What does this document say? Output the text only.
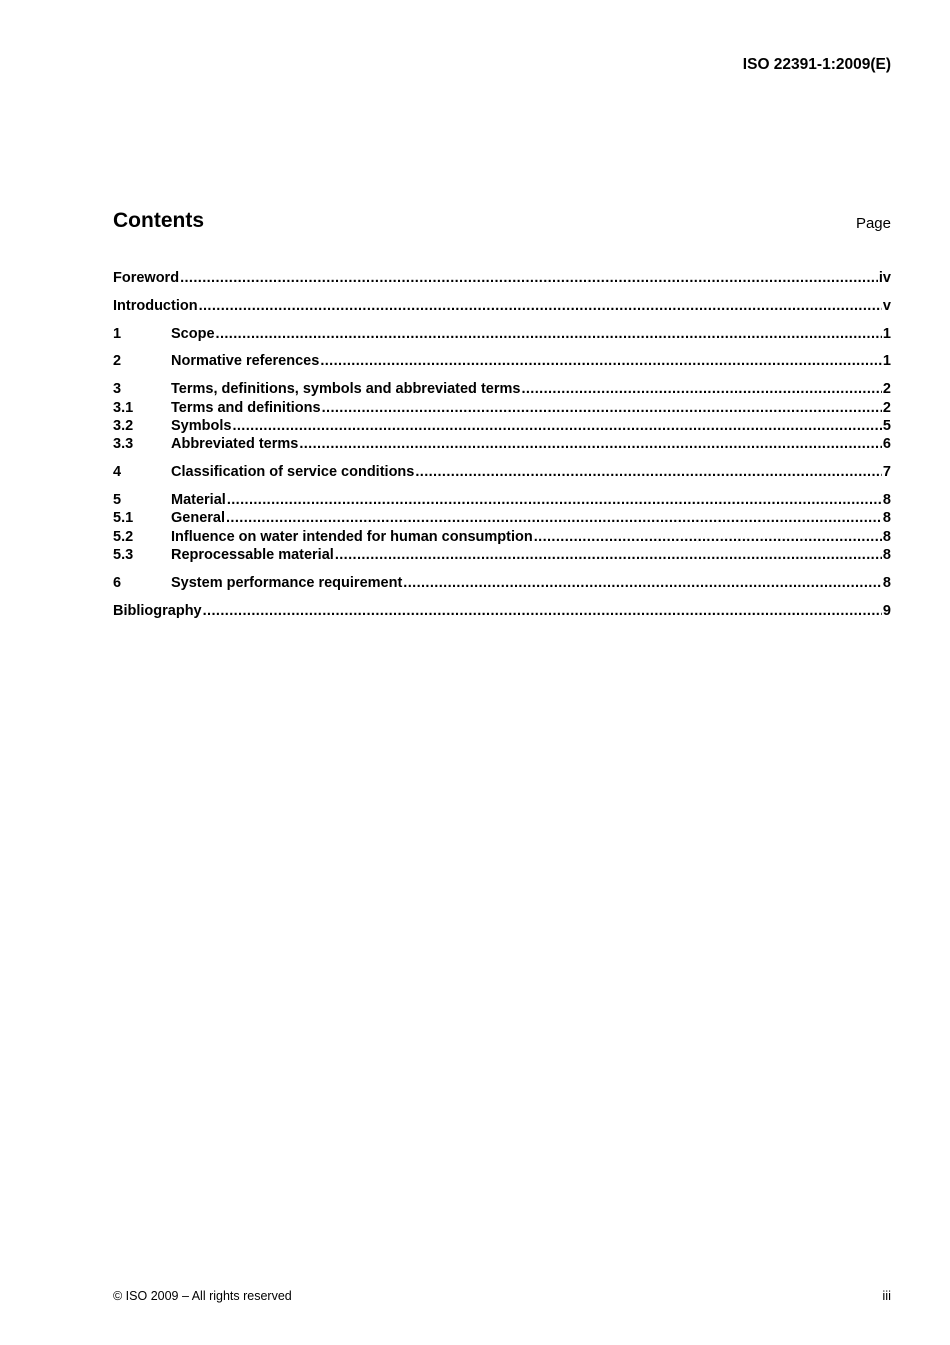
ISO 22391-1:2009(E)
Contents	Page
Foreword .....	iv
Introduction .....	v
1	Scope .....	1
2	Normative references .....	1
3	Terms, definitions, symbols and abbreviated terms .....	2
3.1	Terms and definitions .....	2
3.2	Symbols .....	5
3.3	Abbreviated terms .....	6
4	Classification of service conditions .....	7
5	Material .....	8
5.1	General .....	8
5.2	Influence on water intended for human consumption .....	8
5.3	Reprocessable material .....	8
6	System performance requirement .....	8
Bibliography .....	9
© ISO 2009 – All rights reserved	iii
